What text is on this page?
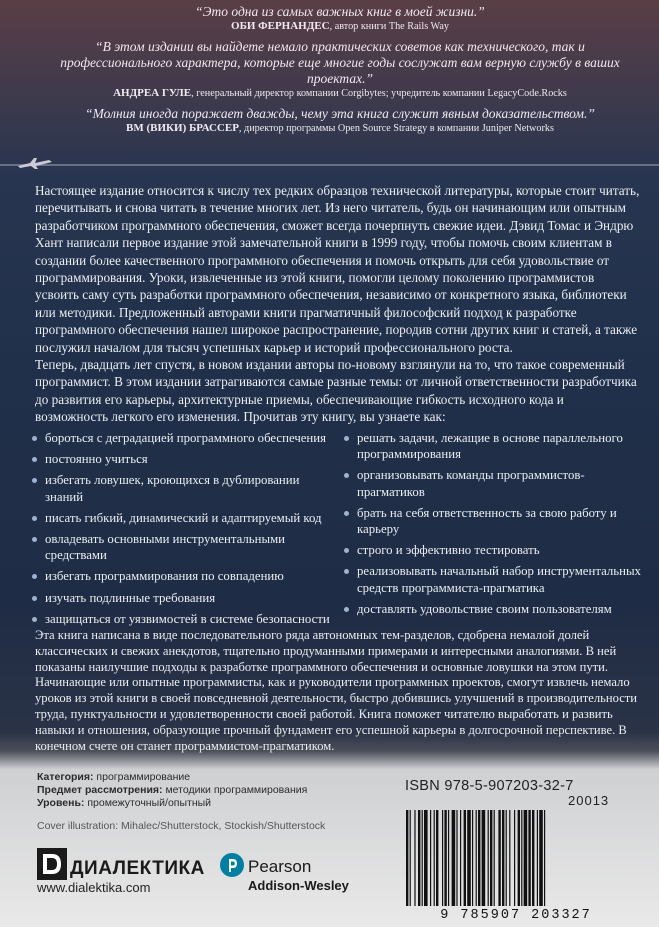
“Это одна из самых важных книг в моей жизни.”
ОБИ ФЕРНАНДЕС, автор книги The Rails Way
“В этом издании вы найдете немало практических советов как технического, так и профессионального характера, которые еще многие годы сослужат вам верную службу в ваших проектах.”
АНДРЕА ГУЛЕ, генеральный директор компании Corgibytes; учредитель компании LegacyCode.Rocks
“Молния иногда поражает дважды, чему эта книга служит явным доказательством.”
ВМ (ВИКИ) БРАССЕР, директор программы Open Source Strategy в компании Juniper Networks

Настоящее издание относится к числу тех редких образцов технической литературы, которые стоит читать, перечитывать и снова читать в течение многих лет. Из него читатель, будь он начинающим или опытным разработчиком программного обеспечения, сможет всегда почерпнуть свежие идеи. Дэвид Томас и Эндрю Хант написали первое издание этой замечательной книги в 1999 году, чтобы помочь своим клиентам в создании более качественного программного обеспечения и помочь открыть для себя удовольствие от программирования. Уроки, извлеченные из этой книги, помогли целому поколению программистов усвоить саму суть разработки программного обеспечения, независимо от конкретного языка, библиотеки или методики. Предложенный авторами книги прагматичный философский подход к разработке программного обеспечения нашел широкое распространение, породив сотни других книг и статей, а также послужил началом для тысяч успешных карьер и историй профессионального роста.

Теперь, двадцать лет спустя, в новом издании авторы по-новому взглянули на то, что такое современный программист. В этом издании затрагиваются самые разные темы: от личной ответственности разработчика до развития его карьеры, архитектурные приемы, обеспечивающие гибкость исходного кода и возможность легкого его изменения. Прочитав эту книгу, вы узнаете как:

бороться с деградацией программного обеспечения
постоянно учиться
избегать ловушек, кроющихся в дублировании знаний
писать гибкий, динамический и адаптируемый код
овладевать основными инструментальными средствами
избегать программирования по совпадению
изучать подлинные требования
защищаться от уязвимостей в системе безопасности
решать задачи, лежащие в основе параллельного программирования
организовывать команды программистов-прагматиков
брать на себя ответственность за свою работу и карьеру
строго и эффективно тестировать
реализовывать начальный набор инструментальных средств программиста-прагматика
доставлять удовольствие своим пользователям
Эта книга написана в виде последовательного ряда автономных тем-разделов, сдобрена немалой долей классических и свежих анекдотов, тщательно продуманными примерами и интересными аналогиями. В ней показаны наилучшие подходы к разработке программного обеспечения и основные ловушки на этом пути. Начинающие или опытные программисты, как и руководители программных проектов, смогут извлечь немало уроков из этой книги в своей повседневной деятельности, быстро добившись улучшений в производительности труда, пунктуальности и удовлетворенности своей работой. Книга поможет читателю выработать и развить навыки и отношения, образующие прочный фундамент его успешной карьеры в долгосрочной перспективе. В конечном счете он станет программистом-прагматиком.
Категория: программирование
Предмет рассмотрения: методики программирования
Уровень: промежуточный/опытный
Cover illustration: Mihalec/Shutterstock, Stockish/Shutterstock
ISBN 978-5-907203-32-7
20013
9 785907 203327
ДИАЛЕКТИКА
www.dialektika.com
Pearson
Addison-Wesley
